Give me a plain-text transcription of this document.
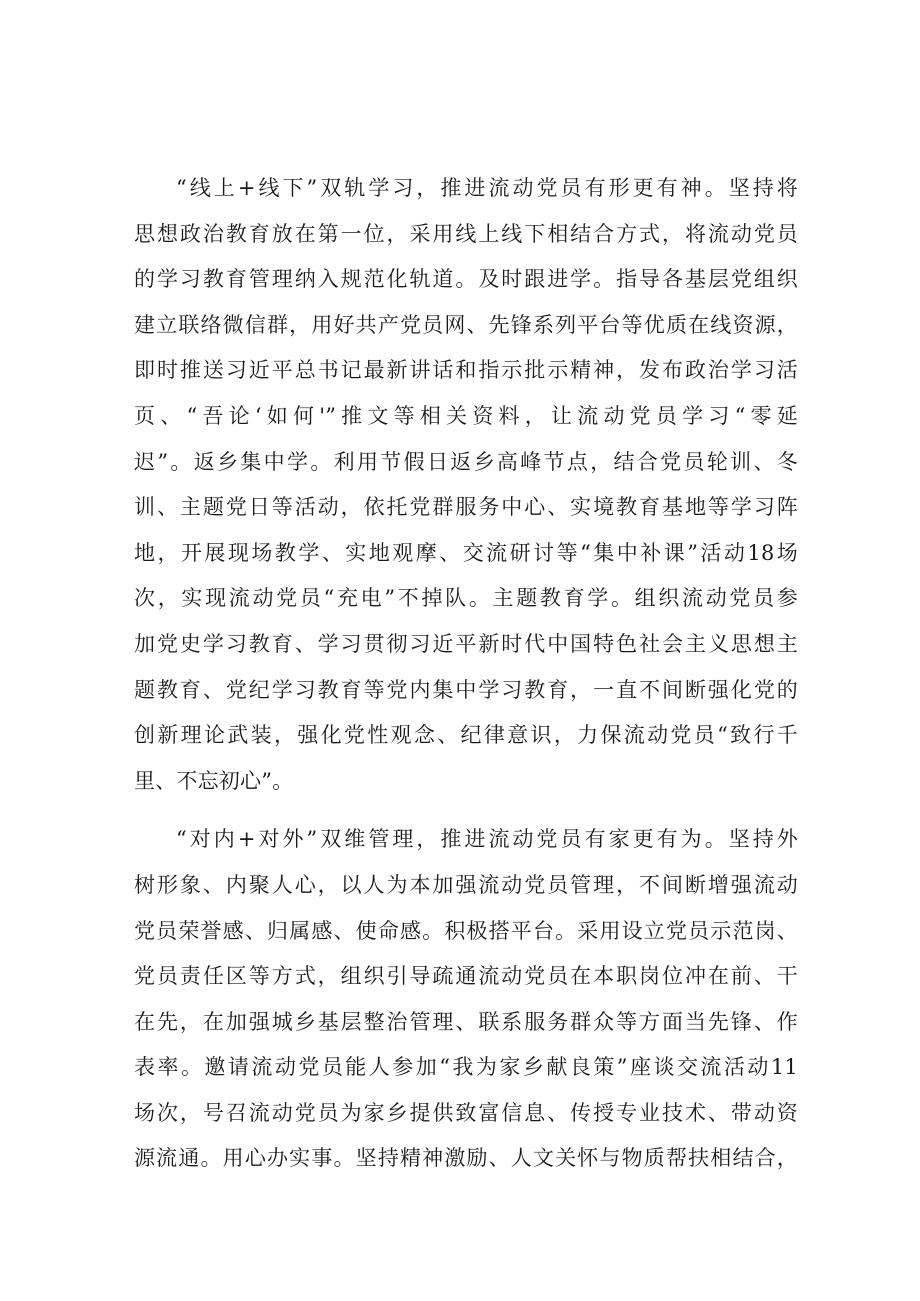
“线上+线下”双轨学习，推进流动党员有形更有神。坚持将
思想政治教育放在第一位，采用线上线下相结合方式，将流动党员
的学习教育管理纳入规范化轨道。及时跟进学。指导各基层党组织
建立联络微信群，用好共产党员网、先锋系列平台等优质在线资源，
即时推送习近平总书记最新讲话和指示批示精神，发布政治学习活
页、“吾论‘如何'”推文等相关资料，让流动党员学习“零延
迟”。返乡集中学。利用节假日返乡高峰节点，结合党员轮训、冬
训、主题党日等活动，依托党群服务中心、实境教育基地等学习阵
地，开展现场教学、实地观摩、交流研讨等“集中补课”活动18场
次，实现流动党员“充电”不掉队。主题教育学。组织流动党员参
加党史学习教育、学习贯彻习近平新时代中国特色社会主义思想主
题教育、党纪学习教育等党内集中学习教育，一直不间断强化党的
创新理论武装，强化党性观念、纪律意识，力保流动党员“致行千
里、不忘初心”。
“对内+对外”双维管理，推进流动党员有家更有为。坚持外
树形象、内聚人心，以人为本加强流动党员管理，不间断增强流动
党员荣誉感、归属感、使命感。积极搭平台。采用设立党员示范岗、
党员责任区等方式，组织引导疏通流动党员在本职岗位冲在前、干
在先，在加强城乡基层整治管理、联系服务群众等方面当先锋、作
表率。邀请流动党员能人参加“我为家乡献良策”座谈交流活动11
场次，号召流动党员为家乡提供致富信息、传授专业技术、带动资
源流通。用心办实事。坚持精神激励、人文关怀与物质帮扶相结合，
